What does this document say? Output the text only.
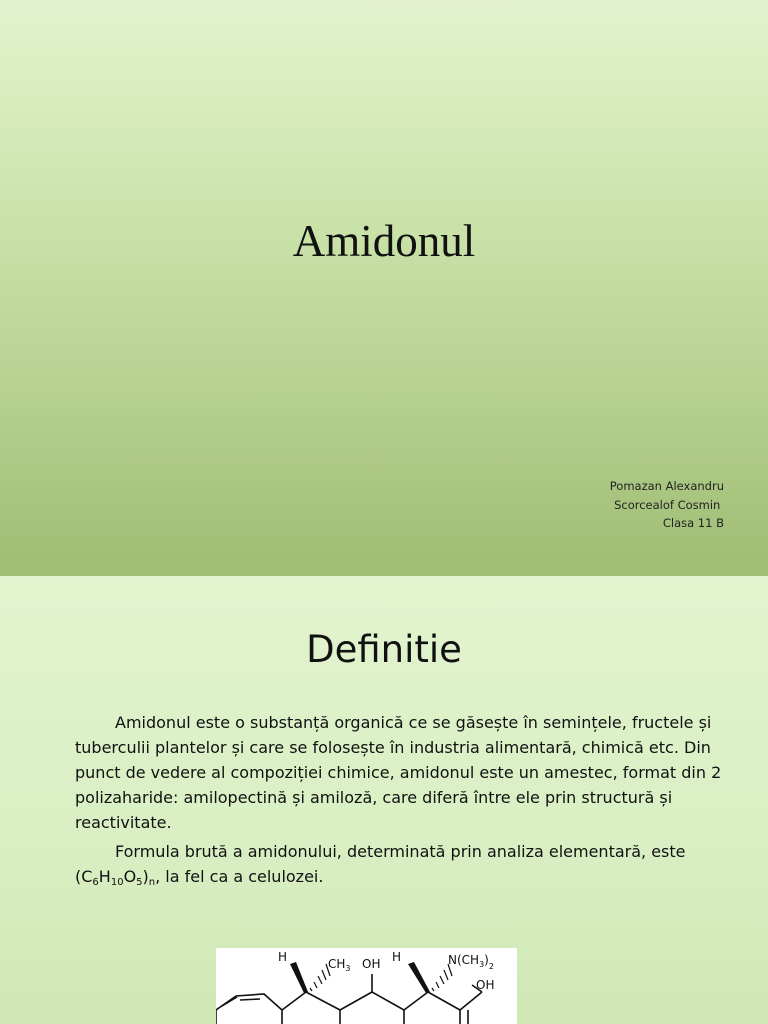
Amidonul
Pomazan Alexandru
Scorcealof Cosmin
Clasa 11 B
Definitie

Amidonul este o substanță organică ce se găsește în semințele, fructele și tuberculii plantelor și care se folosește în industria alimentară, chimică etc. Din punct de vedere al compoziției chimice, amidonul este un amestec, format din 2 polizaharide: amilopectină și amiloză, care diferă între ele prin structură și reactivitate.

Formula brută a amidonului, determinată prin analiza elementară, este $(C_6H_{10}O_5)_n$, la fel ca a celulozei.

H	$CH_3$ OH H	$N(CH_3)_2$
OH
